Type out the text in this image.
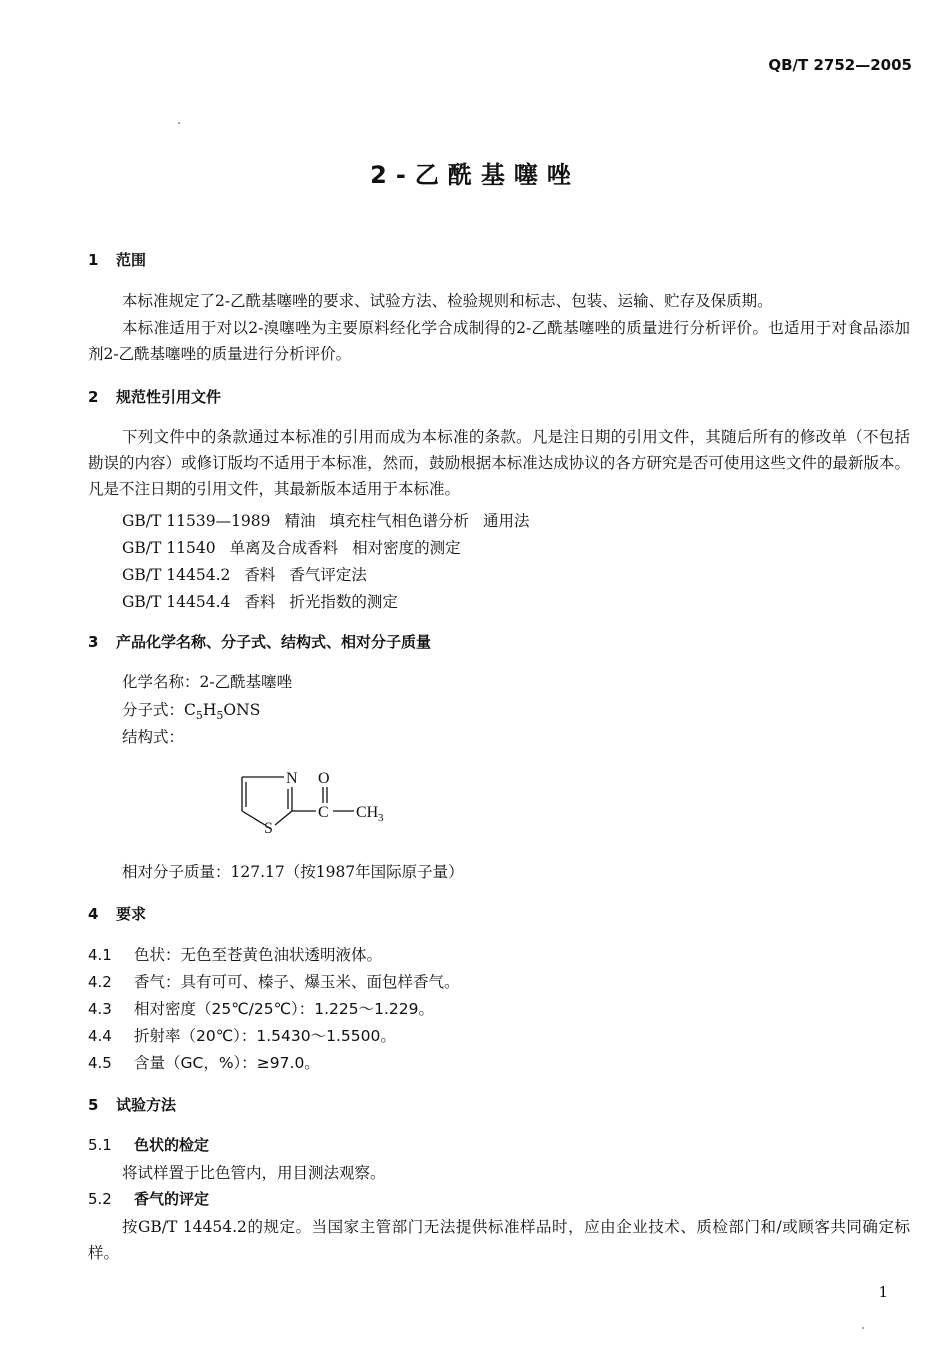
QB/T 2752—2005
2-乙酰基噻唑
1 范围
本标准规定了2-乙酰基噻唑的要求、试验方法、检验规则和标志、包装、运输、贮存及保质期。
本标准适用于对以2-溴噻唑为主要原料经化学合成制得的2-乙酰基噻唑的质量进行分析评价。也适用于对食品添加剂2-乙酰基噻唑的质量进行分析评价。
2 规范性引用文件
下列文件中的条款通过本标准的引用而成为本标准的条款。凡是注日期的引用文件，其随后所有的修改单（不包括勘误的内容）或修订版均不适用于本标准，然而，鼓励根据本标准达成协议的各方研究是否可使用这些文件的最新版本。凡是不注日期的引用文件，其最新版本适用于本标准。
GB/T 11539—1989 精油 填充柱气相色谱分析 通用法
GB/T 11540 单离及合成香料 相对密度的测定
GB/T 14454.2 香料 香气评定法
GB/T 14454.4 香料 折光指数的测定
3 产品化学名称、分子式、结构式、相对分子质量
化学名称：2-乙酰基噻唑
分子式：$C_5H_5ONS$
结构式：
N O
S
C CH 3
相对分子质量：127.17（按1987年国际原子量）
4 要求
4.1 色状：无色至苍黄色油状透明液体。
4.2 香气：具有可可、榛子、爆玉米、面包样香气。
4.3 相对密度（25℃/25℃）：1.225～1.229。
4.4 折射率（20℃）：1.5430～1.5500。
4.5 含量（GC，%）：≥97.0。
5 试验方法
5.1 色状的检定
将试样置于比色管内，用目测法观察。
5.2 香气的评定
按GB/T 14454.2的规定。当国家主管部门无法提供标准样品时，应由企业技术、质检部门和/或顾客共同确定标样。
1
